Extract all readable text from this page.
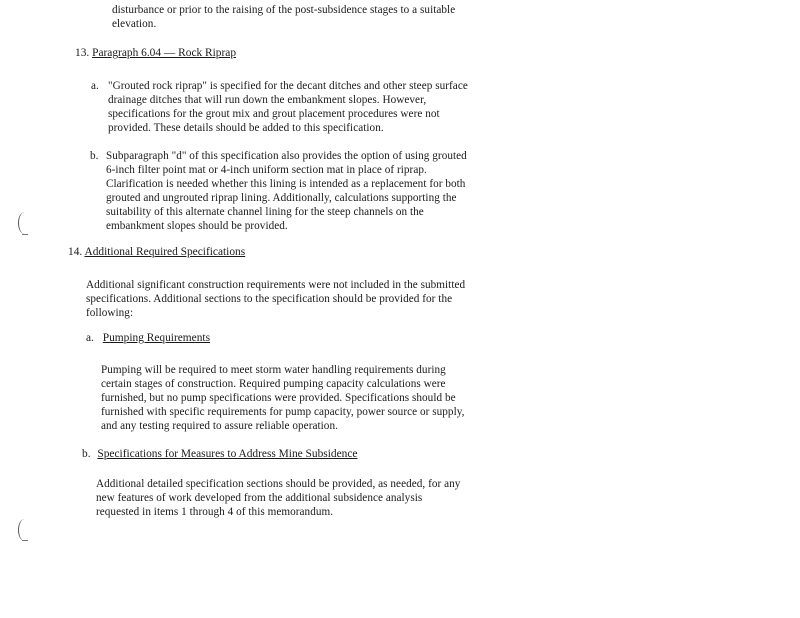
disturbance or prior to the raising of the post-subsidence stages to a suitable
elevation.
13. Paragraph 6.04 — Rock Riprap
a. "Grouted rock riprap" is specified for the decant ditches and other steep surface
drainage ditches that will run down the embankment slopes. However,
specifications for the grout mix and grout placement procedures were not
provided. These details should be added to this specification.
b. Subparagraph "d" of this specification also provides the option of using grouted
6-inch filter point mat or 4-inch uniform section mat in place of riprap.
Clarification is needed whether this lining is intended as a replacement for both
grouted and ungrouted riprap lining. Additionally, calculations supporting the
suitability of this alternate channel lining for the steep channels on the
embankment slopes should be provided.
14. Additional Required Specifications
Additional significant construction requirements were not included in the submitted
specifications. Additional sections to the specification should be provided for the
following:
a. Pumping Requirements
Pumping will be required to meet storm water handling requirements during
certain stages of construction. Required pumping capacity calculations were
furnished, but no pump specifications were provided. Specifications should be
furnished with specific requirements for pump capacity, power source or supply,
and any testing required to assure reliable operation.
b. Specifications for Measures to Address Mine Subsidence
Additional detailed specification sections should be provided, as needed, for any
new features of work developed from the additional subsidence analysis
requested in items 1 through 4 of this memorandum.
